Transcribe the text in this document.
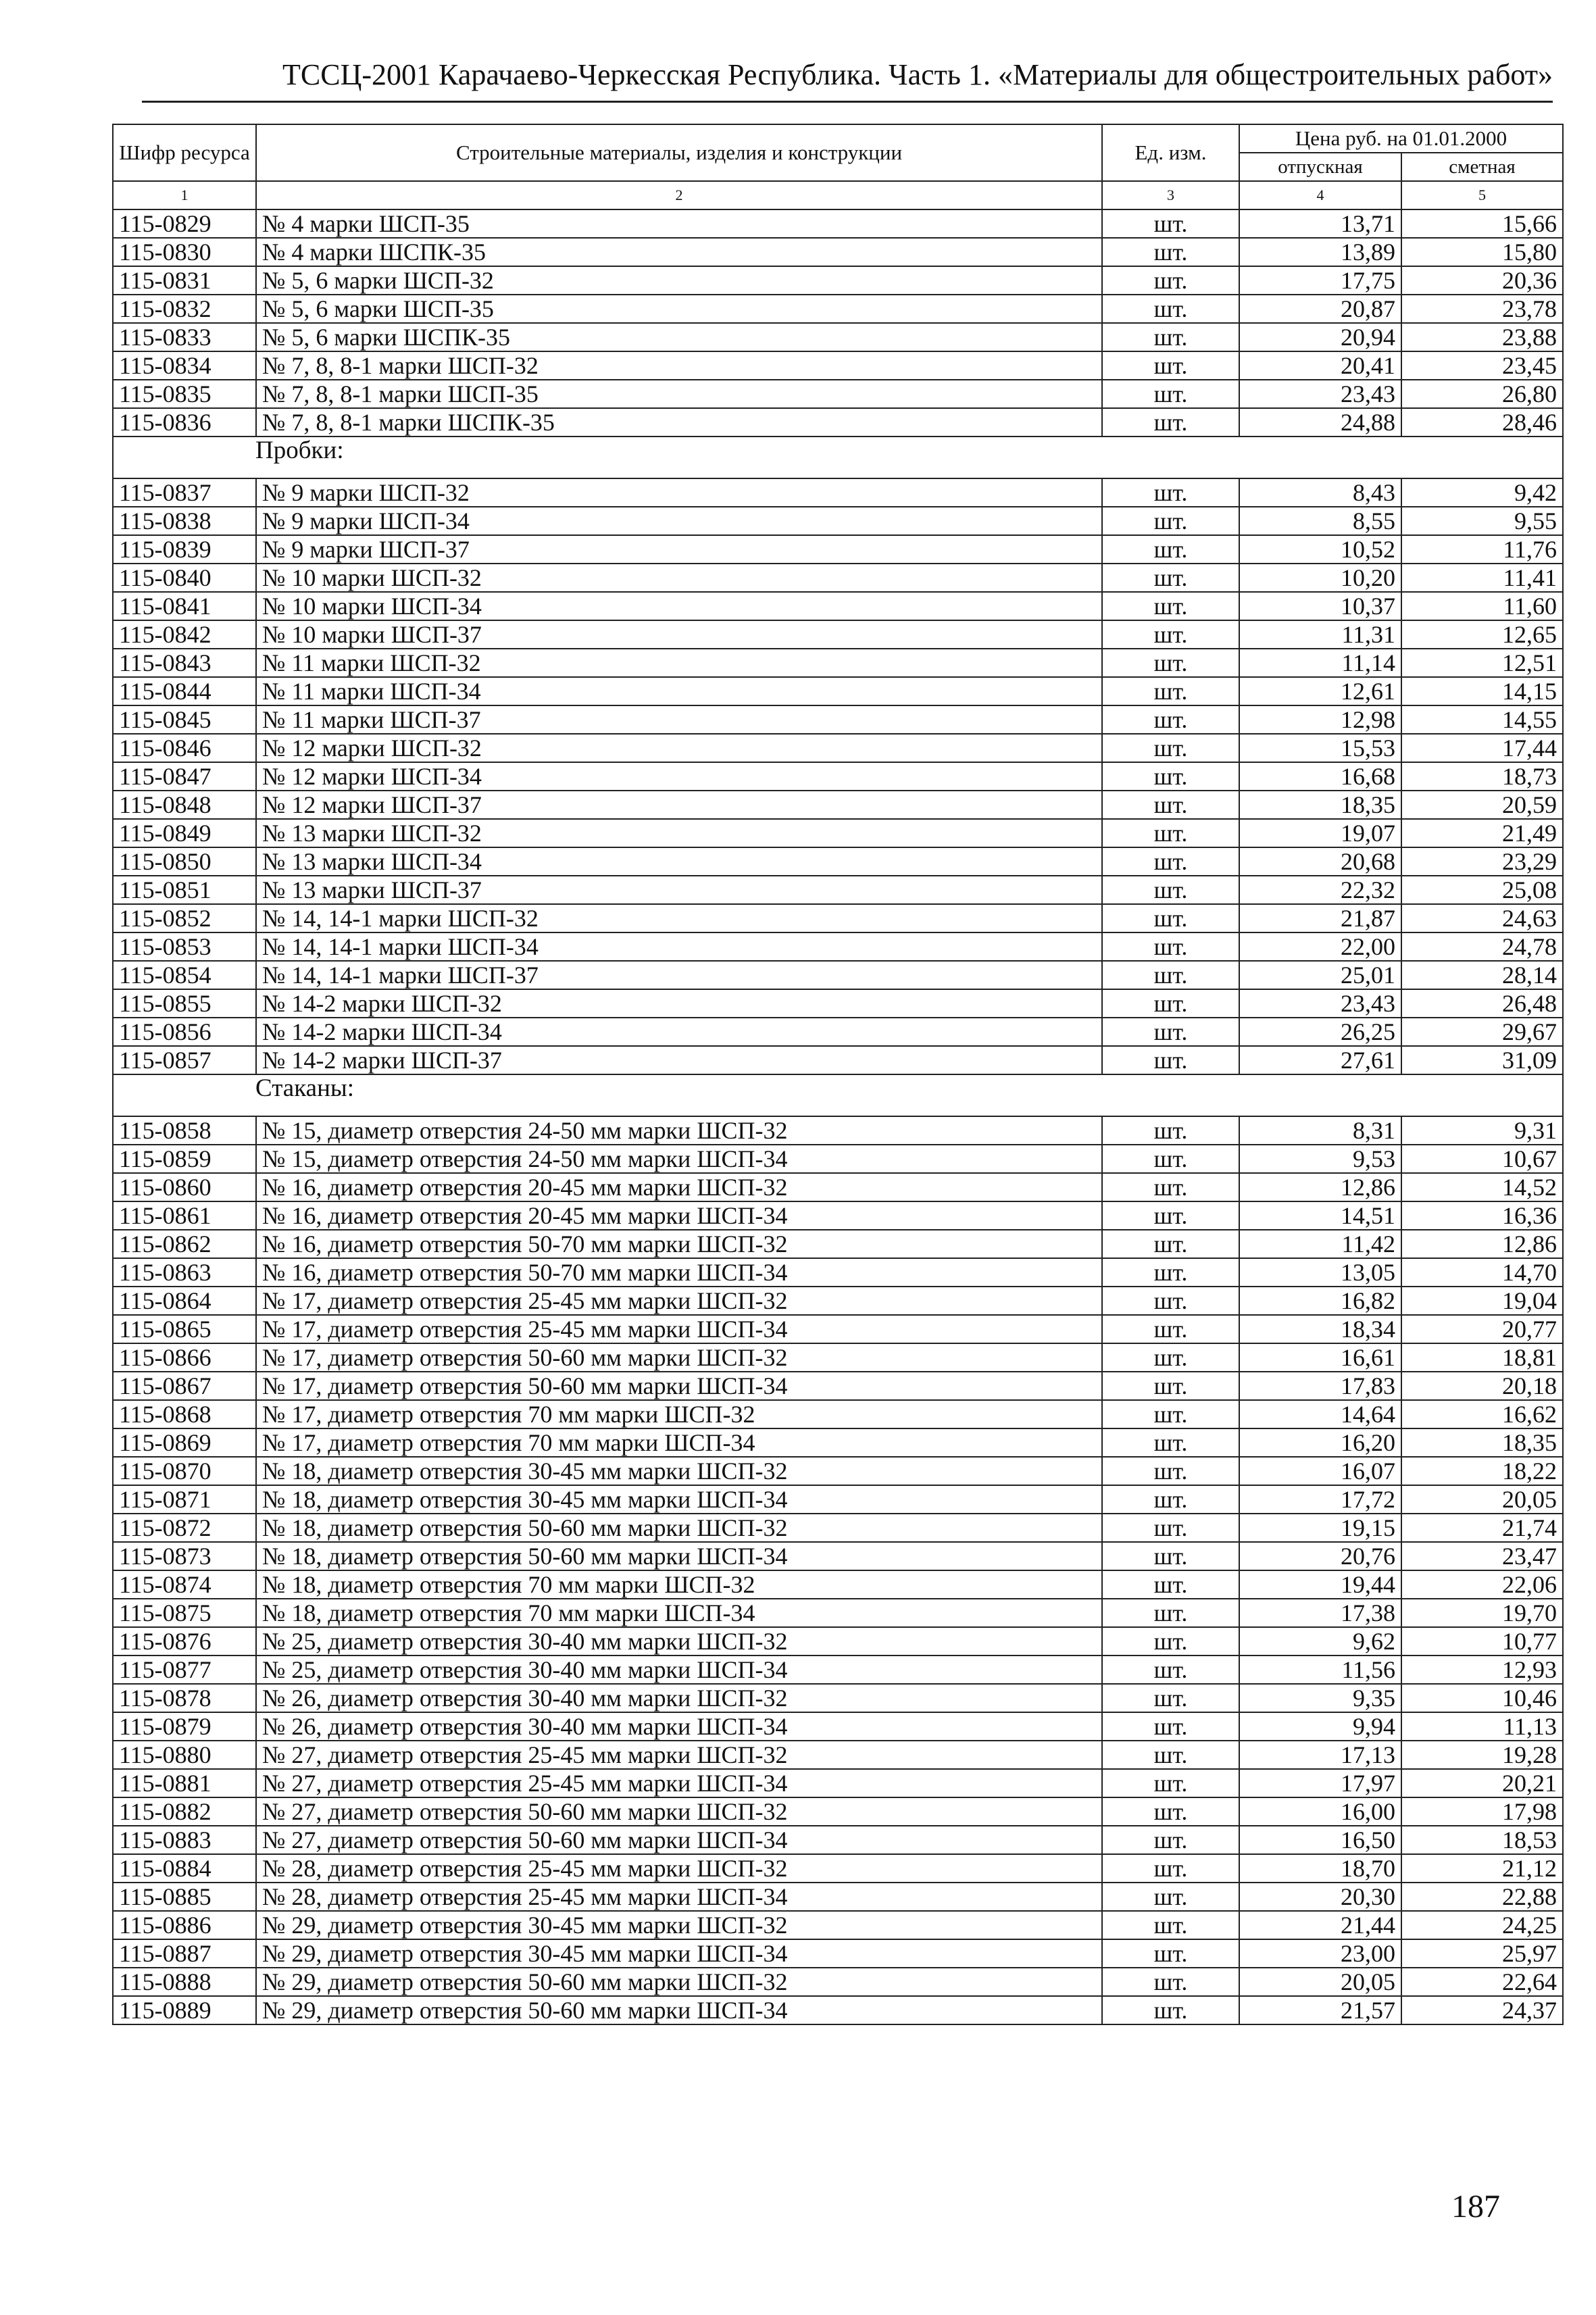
ТССЦ-2001 Карачаево-Черкесская Республика. Часть 1. «Материалы для общестроительных работ»
Шифр ресурса	Строительные материалы, изделия и конструкции	Ед. изм.	Цена руб. на 01.01.2000	
			отпускная	сметная
1	2	3	4	5
115-0829	№ 4 марки ШСП-35	шт.	13,71	15,66
115-0830	№ 4 марки ШСПК-35	шт.	13,89	15,80
115-0831	№ 5, 6 марки ШСП-32	шт.	17,75	20,36
115-0832	№ 5, 6 марки ШСП-35	шт.	20,87	23,78
115-0833	№ 5, 6 марки ШСПК-35	шт.	20,94	23,88
115-0834	№ 7, 8, 8-1 марки ШСП-32	шт.	20,41	23,45
115-0835	№ 7, 8, 8-1 марки ШСП-35	шт.	23,43	26,80
115-0836	№ 7, 8, 8-1 марки ШСПК-35	шт.	24,88	28,46
Пробки:				
115-0837	№ 9 марки ШСП-32	шт.	8,43	9,42
115-0838	№ 9 марки ШСП-34	шт.	8,55	9,55
115-0839	№ 9 марки ШСП-37	шт.	10,52	11,76
115-0840	№ 10 марки ШСП-32	шт.	10,20	11,41
115-0841	№ 10 марки ШСП-34	шт.	10,37	11,60
115-0842	№ 10 марки ШСП-37	шт.	11,31	12,65
115-0843	№ 11 марки ШСП-32	шт.	11,14	12,51
115-0844	№ 11 марки ШСП-34	шт.	12,61	14,15
115-0845	№ 11 марки ШСП-37	шт.	12,98	14,55
115-0846	№ 12 марки ШСП-32	шт.	15,53	17,44
115-0847	№ 12 марки ШСП-34	шт.	16,68	18,73
115-0848	№ 12 марки ШСП-37	шт.	18,35	20,59
115-0849	№ 13 марки ШСП-32	шт.	19,07	21,49
115-0850	№ 13 марки ШСП-34	шт.	20,68	23,29
115-0851	№ 13 марки ШСП-37	шт.	22,32	25,08
115-0852	№ 14, 14-1 марки ШСП-32	шт.	21,87	24,63
115-0853	№ 14, 14-1 марки ШСП-34	шт.	22,00	24,78
115-0854	№ 14, 14-1 марки ШСП-37	шт.	25,01	28,14
115-0855	№ 14-2 марки ШСП-32	шт.	23,43	26,48
115-0856	№ 14-2 марки ШСП-34	шт.	26,25	29,67
115-0857	№ 14-2 марки ШСП-37	шт.	27,61	31,09
Стаканы:				
115-0858	№ 15, диаметр отверстия 24-50 мм марки ШСП-32	шт.	8,31	9,31
115-0859	№ 15, диаметр отверстия 24-50 мм марки ШСП-34	шт.	9,53	10,67
115-0860	№ 16, диаметр отверстия 20-45 мм марки ШСП-32	шт.	12,86	14,52
115-0861	№ 16, диаметр отверстия 20-45 мм марки ШСП-34	шт.	14,51	16,36
115-0862	№ 16, диаметр отверстия 50-70 мм марки ШСП-32	шт.	11,42	12,86
115-0863	№ 16, диаметр отверстия 50-70 мм марки ШСП-34	шт.	13,05	14,70
115-0864	№ 17, диаметр отверстия 25-45 мм марки ШСП-32	шт.	16,82	19,04
115-0865	№ 17, диаметр отверстия 25-45 мм марки ШСП-34	шт.	18,34	20,77
115-0866	№ 17, диаметр отверстия 50-60 мм марки ШСП-32	шт.	16,61	18,81
115-0867	№ 17, диаметр отверстия 50-60 мм марки ШСП-34	шт.	17,83	20,18
115-0868	№ 17, диаметр отверстия 70 мм марки ШСП-32	шт.	14,64	16,62
115-0869	№ 17, диаметр отверстия 70 мм марки ШСП-34	шт.	16,20	18,35
115-0870	№ 18, диаметр отверстия 30-45 мм марки ШСП-32	шт.	16,07	18,22
115-0871	№ 18, диаметр отверстия 30-45 мм марки ШСП-34	шт.	17,72	20,05
115-0872	№ 18, диаметр отверстия 50-60 мм марки ШСП-32	шт.	19,15	21,74
115-0873	№ 18, диаметр отверстия 50-60 мм марки ШСП-34	шт.	20,76	23,47
115-0874	№ 18, диаметр отверстия 70 мм марки ШСП-32	шт.	19,44	22,06
115-0875	№ 18, диаметр отверстия 70 мм марки ШСП-34	шт.	17,38	19,70
115-0876	№ 25, диаметр отверстия 30-40 мм марки ШСП-32	шт.	9,62	10,77
115-0877	№ 25, диаметр отверстия 30-40 мм марки ШСП-34	шт.	11,56	12,93
115-0878	№ 26, диаметр отверстия 30-40 мм марки ШСП-32	шт.	9,35	10,46
115-0879	№ 26, диаметр отверстия 30-40 мм марки ШСП-34	шт.	9,94	11,13
115-0880	№ 27, диаметр отверстия 25-45 мм марки ШСП-32	шт.	17,13	19,28
115-0881	№ 27, диаметр отверстия 25-45 мм марки ШСП-34	шт.	17,97	20,21
115-0882	№ 27, диаметр отверстия 50-60 мм марки ШСП-32	шт.	16,00	17,98
115-0883	№ 27, диаметр отверстия 50-60 мм марки ШСП-34	шт.	16,50	18,53
115-0884	№ 28, диаметр отверстия 25-45 мм марки ШСП-32	шт.	18,70	21,12
115-0885	№ 28, диаметр отверстия 25-45 мм марки ШСП-34	шт.	20,30	22,88
115-0886	№ 29, диаметр отверстия 30-45 мм марки ШСП-32	шт.	21,44	24,25
115-0887	№ 29, диаметр отверстия 30-45 мм марки ШСП-34	шт.	23,00	25,97
115-0888	№ 29, диаметр отверстия 50-60 мм марки ШСП-32	шт.	20,05	22,64
115-0889	№ 29, диаметр отверстия 50-60 мм марки ШСП-34	шт.	21,57	24,37
187
